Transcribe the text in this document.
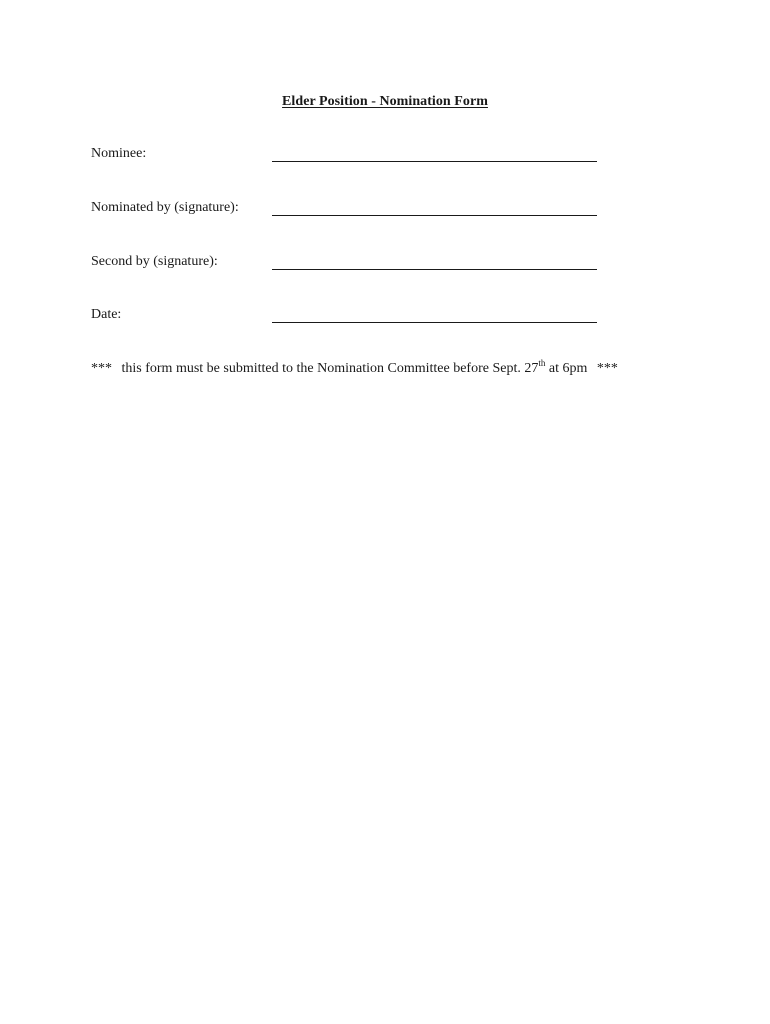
Elder Position - Nomination Form
Nominee:
Nominated by (signature):
Second by (signature):
Date:
*** this form must be submitted to the Nomination Committee before Sept. 27th at 6pm ***
